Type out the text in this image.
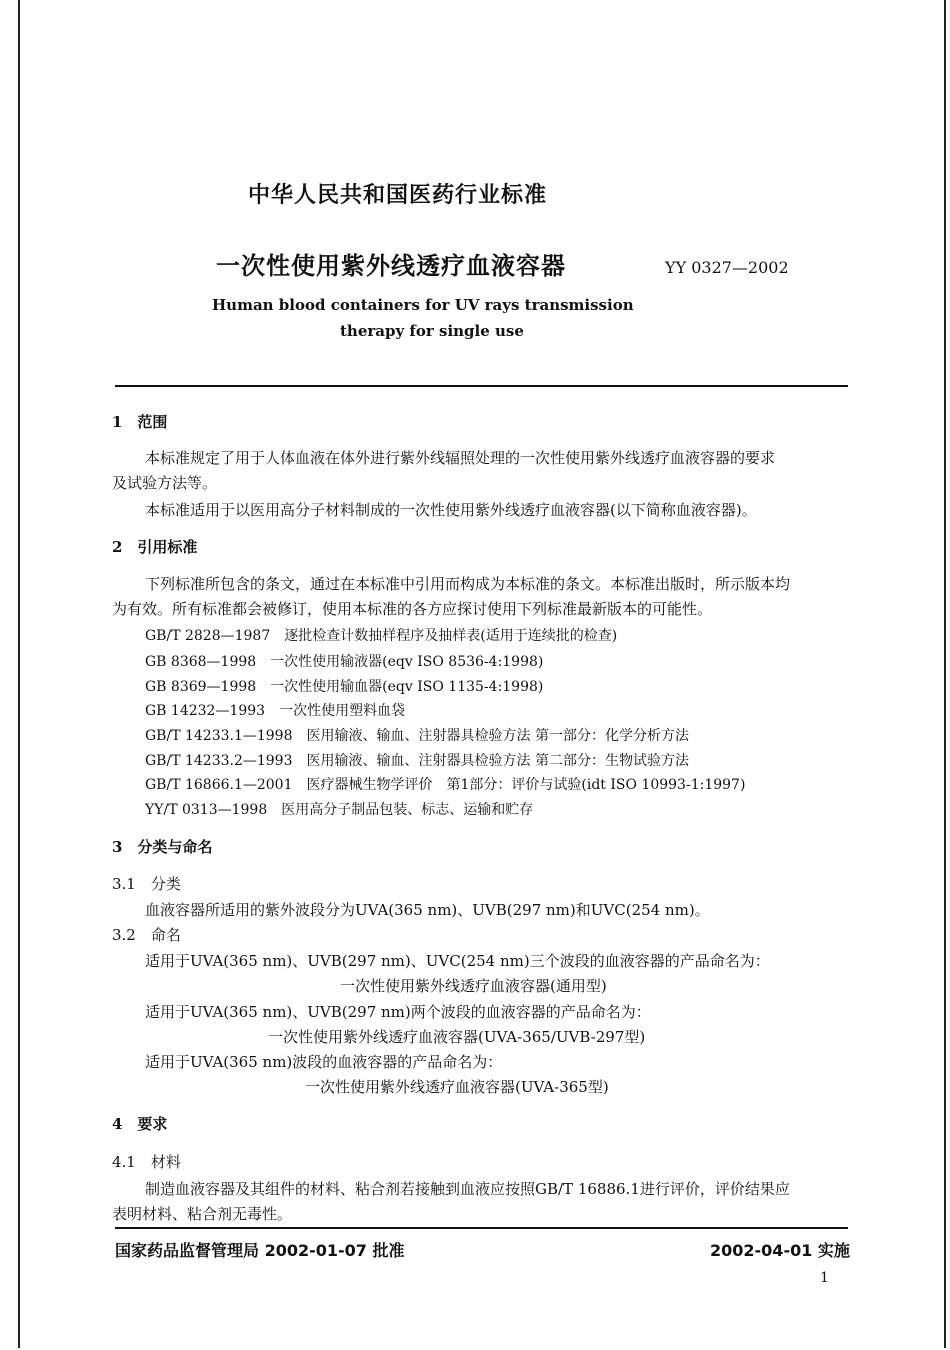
中华人民共和国医药行业标准
一次性使用紫外线透疗血液容器	YY 0327—2002
Human blood containers for UV rays transmission
therapy for single use
1　范围
本标准规定了用于人体血液在体外进行紫外线辐照处理的一次性使用紫外线透疗血液容器的要求
及试验方法等。
本标准适用于以医用高分子材料制成的一次性使用紫外线透疗血液容器(以下简称血液容器)。
2　引用标准
下列标准所包含的条文，通过在本标准中引用而构成为本标准的条文。本标准出版时，所示版本均
为有效。所有标准都会被修订，使用本标准的各方应探讨使用下列标准最新版本的可能性。
GB/T 2828—1987　逐批检查计数抽样程序及抽样表(适用于连续批的检查)
GB 8368—1998　一次性使用输液器(eqv ISO 8536-4:1998)
GB 8369—1998　一次性使用输血器(eqv ISO 1135-4:1998)
GB 14232—1993　一次性使用塑料血袋
GB/T 14233.1—1998　医用输液、输血、注射器具检验方法 第一部分：化学分析方法
GB/T 14233.2—1993　医用输液、输血、注射器具检验方法 第二部分：生物试验方法
GB/T 16866.1—2001　医疗器械生物学评价　第1部分：评价与试验(idt ISO 10993-1:1997)
YY/T 0313—1998　医用高分子制品包装、标志、运输和贮存
3　分类与命名
3.1　分类
血液容器所适用的紫外波段分为UVA(365 nm)、UVB(297 nm)和UVC(254 nm)。
3.2　命名
适用于UVA(365 nm)、UVB(297 nm)、UVC(254 nm)三个波段的血液容器的产品命名为：
一次性使用紫外线透疗血液容器(通用型)
适用于UVA(365 nm)、UVB(297 nm)两个波段的血液容器的产品命名为：
一次性使用紫外线透疗血液容器(UVA-365/UVB-297型)
适用于UVA(365 nm)波段的血液容器的产品命名为：
一次性使用紫外线透疗血液容器(UVA-365型)
4　要求
4.1　材料
制造血液容器及其组件的材料、粘合剂若接触到血液应按照GB/T 16886.1进行评价，评价结果应
表明材料、粘合剂无毒性。
国家药品监督管理局 2002-01-07 批准	2002-04-01 实施
1
